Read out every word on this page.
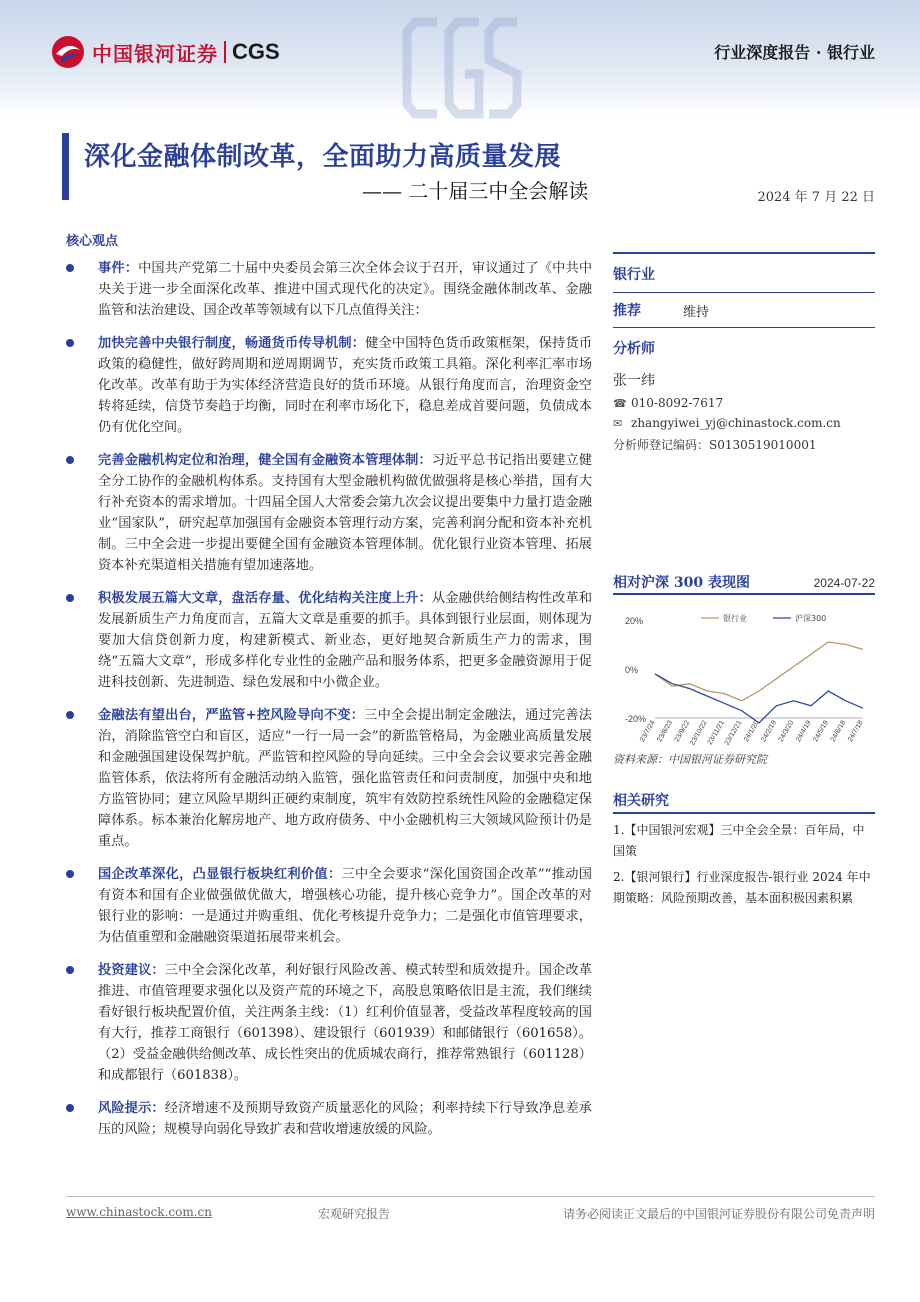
中国银河证券 CGS	行业深度报告 · 银行业
深化金融体制改革，全面助力高质量发展
—— 二十届三中全会解读	2024 年 7 月 22 日
核心观点
事件：中国共产党第二十届中央委员会第三次全体会议于召开，审议通过了《中共中央关于进一步全面深化改革、推进中国式现代化的决定》。围绕金融体制改革、金融监管和法治建设、国企改革等领域有以下几点值得关注：
加快完善中央银行制度，畅通货币传导机制：健全中国特色货币政策框架，保持货币政策的稳健性，做好跨周期和逆周期调节，充实货币政策工具箱。深化利率汇率市场化改革。改革有助于为实体经济营造良好的货币环境。从银行角度而言，治理资金空转将延续，信贷节奏趋于均衡，同时在利率市场化下，稳息差成首要问题，负债成本仍有优化空间。
完善金融机构定位和治理，健全国有金融资本管理体制：习近平总书记指出要建立健全分工协作的金融机构体系。支持国有大型金融机构做优做强将是核心举措，国有大行补充资本的需求增加。十四届全国人大常委会第九次会议提出要集中力量打造金融业“国家队”，研究起草加强国有金融资本管理行动方案，完善利润分配和资本补充机制。三中全会进一步提出要健全国有金融资本管理体制。优化银行业资本管理、拓展资本补充渠道相关措施有望加速落地。
积极发展五篇大文章，盘活存量、优化结构关注度上升：从金融供给侧结构性改革和发展新质生产力角度而言，五篇大文章是重要的抓手。具体到银行业层面，则体现为要加大信贷创新力度，构建新模式、新业态，更好地契合新质生产力的需求，围绕“五篇大文章”，形成多样化专业性的金融产品和服务体系，把更多金融资源用于促进科技创新、先进制造、绿色发展和中小微企业。
金融法有望出台，严监管+控风险导向不变：三中全会提出制定金融法，通过完善法治，消除监管空白和盲区，适应“一行一局一会”的新监管格局，为金融业高质量发展和金融强国建设保驾护航。严监管和控风险的导向延续。三中全会会议要求完善金融监管体系，依法将所有金融活动纳入监管，强化监管责任和问责制度，加强中央和地方监管协同；建立风险早期纠正硬约束制度，筑牢有效防控系统性风险的金融稳定保障体系。标本兼治化解房地产、地方政府债务、中小金融机构三大领域风险预计仍是重点。
国企改革深化，凸显银行板块红利价值：三中全会要求“深化国资国企改革”“推动国有资本和国有企业做强做优做大，增强核心功能，提升核心竞争力”。国企改革的对银行业的影响：一是通过并购重组、优化考核提升竞争力；二是强化市值管理要求，为估值重塑和金融融资渠道拓展带来机会。
投资建议：三中全会深化改革，利好银行风险改善、模式转型和质效提升。国企改革推进、市值管理要求强化以及资产荒的环境之下，高股息策略依旧是主流，我们继续看好银行板块配置价值，关注两条主线：（1）红利价值显著，受益改革程度较高的国有大行，推荐工商银行（601398）、建设银行（601939）和邮储银行（601658）。（2）受益金融供给侧改革、成长性突出的优质城农商行，推荐常熟银行（601128）和成都银行（601838）。
风险提示：经济增速不及预期导致资产质量恶化的风险；利率持续下行导致净息差承压的风险；规模导向弱化导致扩表和营收增速放缓的风险。
银行业
推荐	维持
分析师
张一纬
☎ 010-8092-7617
✉ zhangyiwei_yj@chinastock.com.cn
分析师登记编码：S0130519010001
相对沪深 300 表现图	2024-07-22
20%
0%
-20%
23/7/24 23/8/23 23/9/22
23/10/22
23/11/21
23/12/21 24/1/20 24/2/19 24/3/20 24/4/19 24/5/19 24/6/18 24/7/18
银行业	沪深300
资料来源：中国银河证券研究院
相关研究
1.【中国银河宏观】三中全会全景：百年局，中国策
2.【银河银行】行业深度报告-银行业 2024 年中期策略：风险预期改善，基本面积极因素积累
www.chinastock.com.cn	宏观研究报告	请务必阅读正文最后的中国银河证券股份有限公司免责声明
